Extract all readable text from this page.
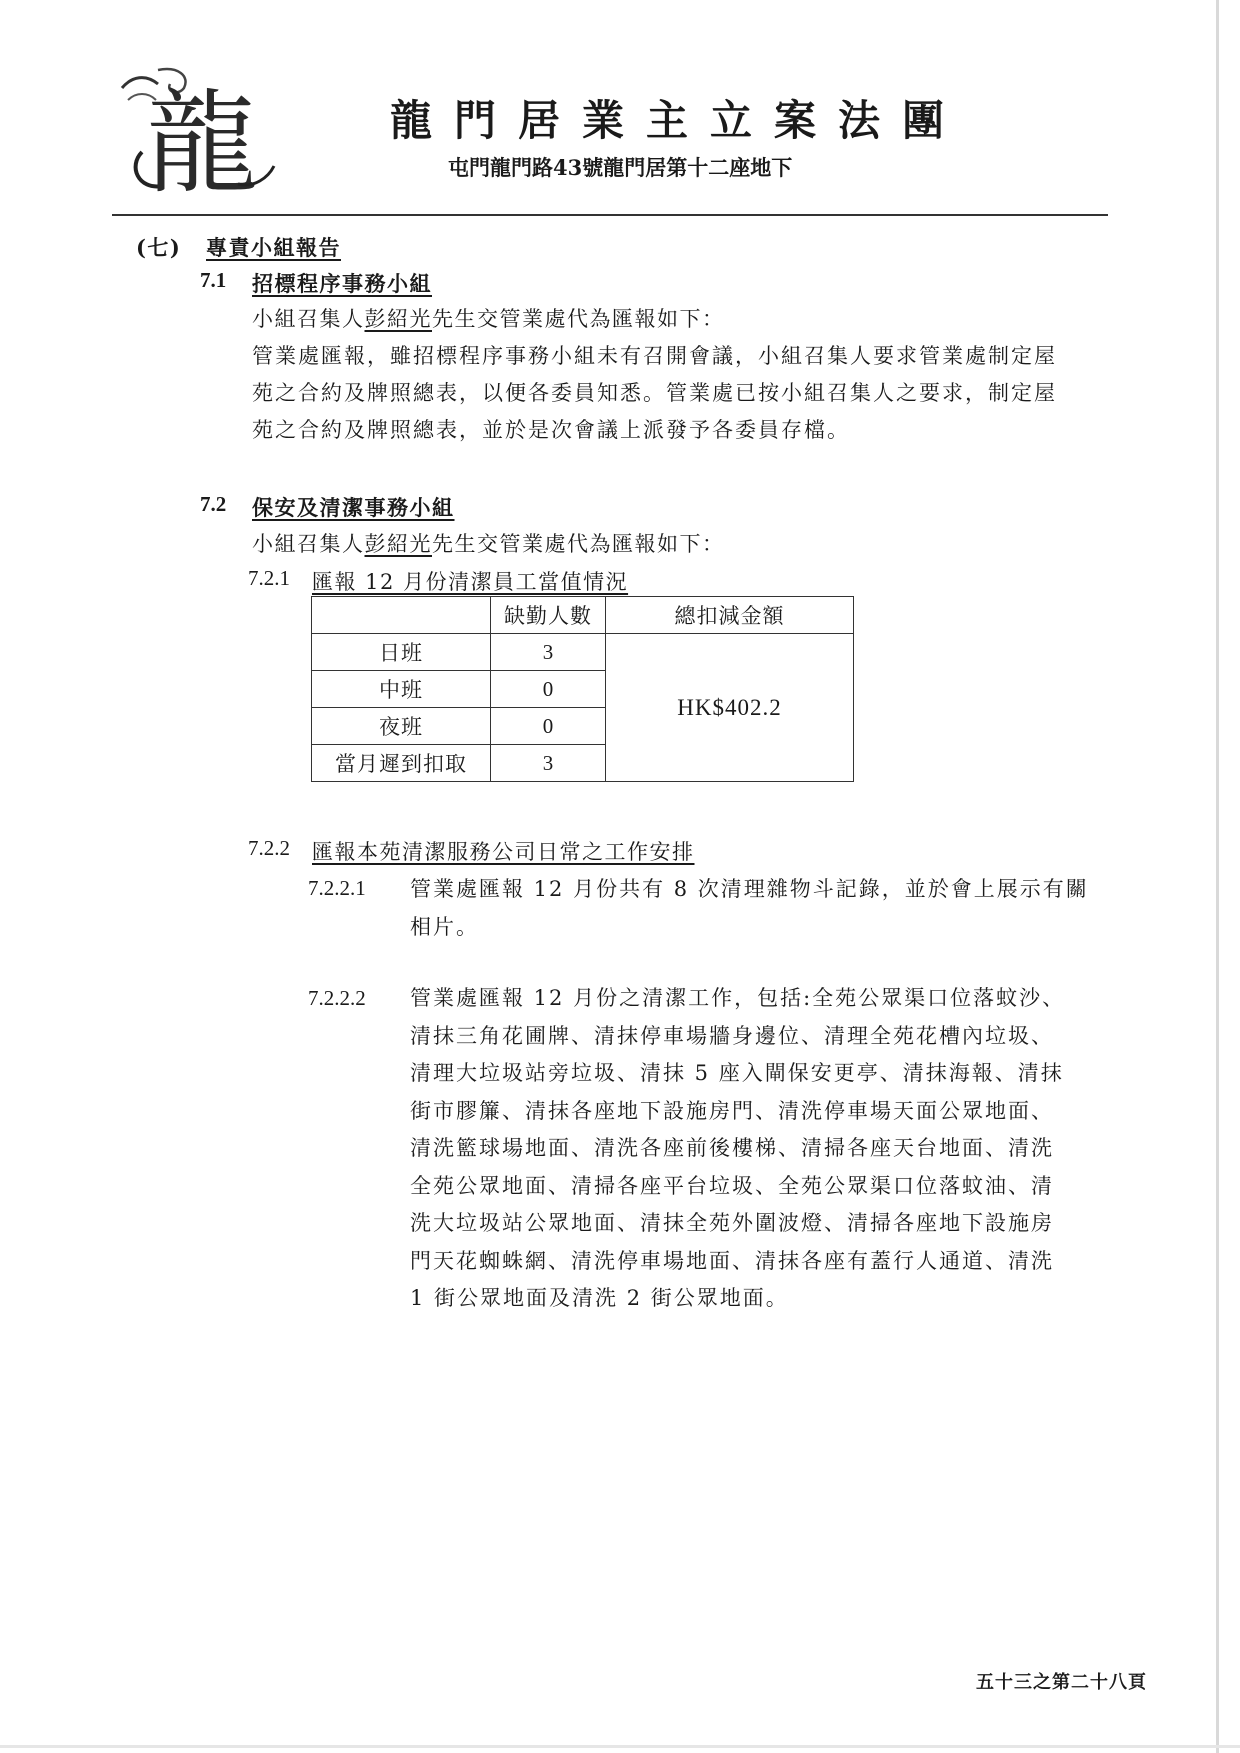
龍	龍門居業主立案法團
屯門龍門路43號龍門居第十二座地下
(七) 專責小組報告
7.1 招標程序事務小組
小組召集人彭紹光先生交管業處代為匯報如下：
管業處匯報，雖招標程序事務小組未有召開會議，小組召集人要求管業處制定屋
苑之合約及牌照總表，以便各委員知悉。管業處已按小組召集人之要求，制定屋
苑之合約及牌照總表，並於是次會議上派發予各委員存檔。
7.2 保安及清潔事務小組
小組召集人彭紹光先生交管業處代為匯報如下：
7.2.1 匯報 12 月份清潔員工當值情況
	缺勤人數	總扣減金額
日班	3	HK$402.2
中班	0	
夜班	0	
當月遲到扣取	3	
7.2.2 匯報本苑清潔服務公司日常之工作安排
7.2.2.1 管業處匯報 12 月份共有 8 次清理雜物斗記錄，並於會上展示有關
相片。
7.2.2.2 管業處匯報 12 月份之清潔工作，包括:全苑公眾渠口位落蚊沙、
清抹三角花圃牌、清抹停車場牆身邊位、清理全苑花槽內垃圾、
清理大垃圾站旁垃圾、清抹 5 座入閘保安更亭、清抹海報、清抹
街市膠簾、清抹各座地下設施房門、清洗停車場天面公眾地面、
清洗籃球場地面、清洗各座前後樓梯、清掃各座天台地面、清洗
全苑公眾地面、清掃各座平台垃圾、全苑公眾渠口位落蚊油、清
洗大垃圾站公眾地面、清抹全苑外圍波燈、清掃各座地下設施房
門天花蜘蛛網、清洗停車場地面、清抹各座有蓋行人通道、清洗
1 街公眾地面及清洗 2 街公眾地面。
五十三之第二十八頁
